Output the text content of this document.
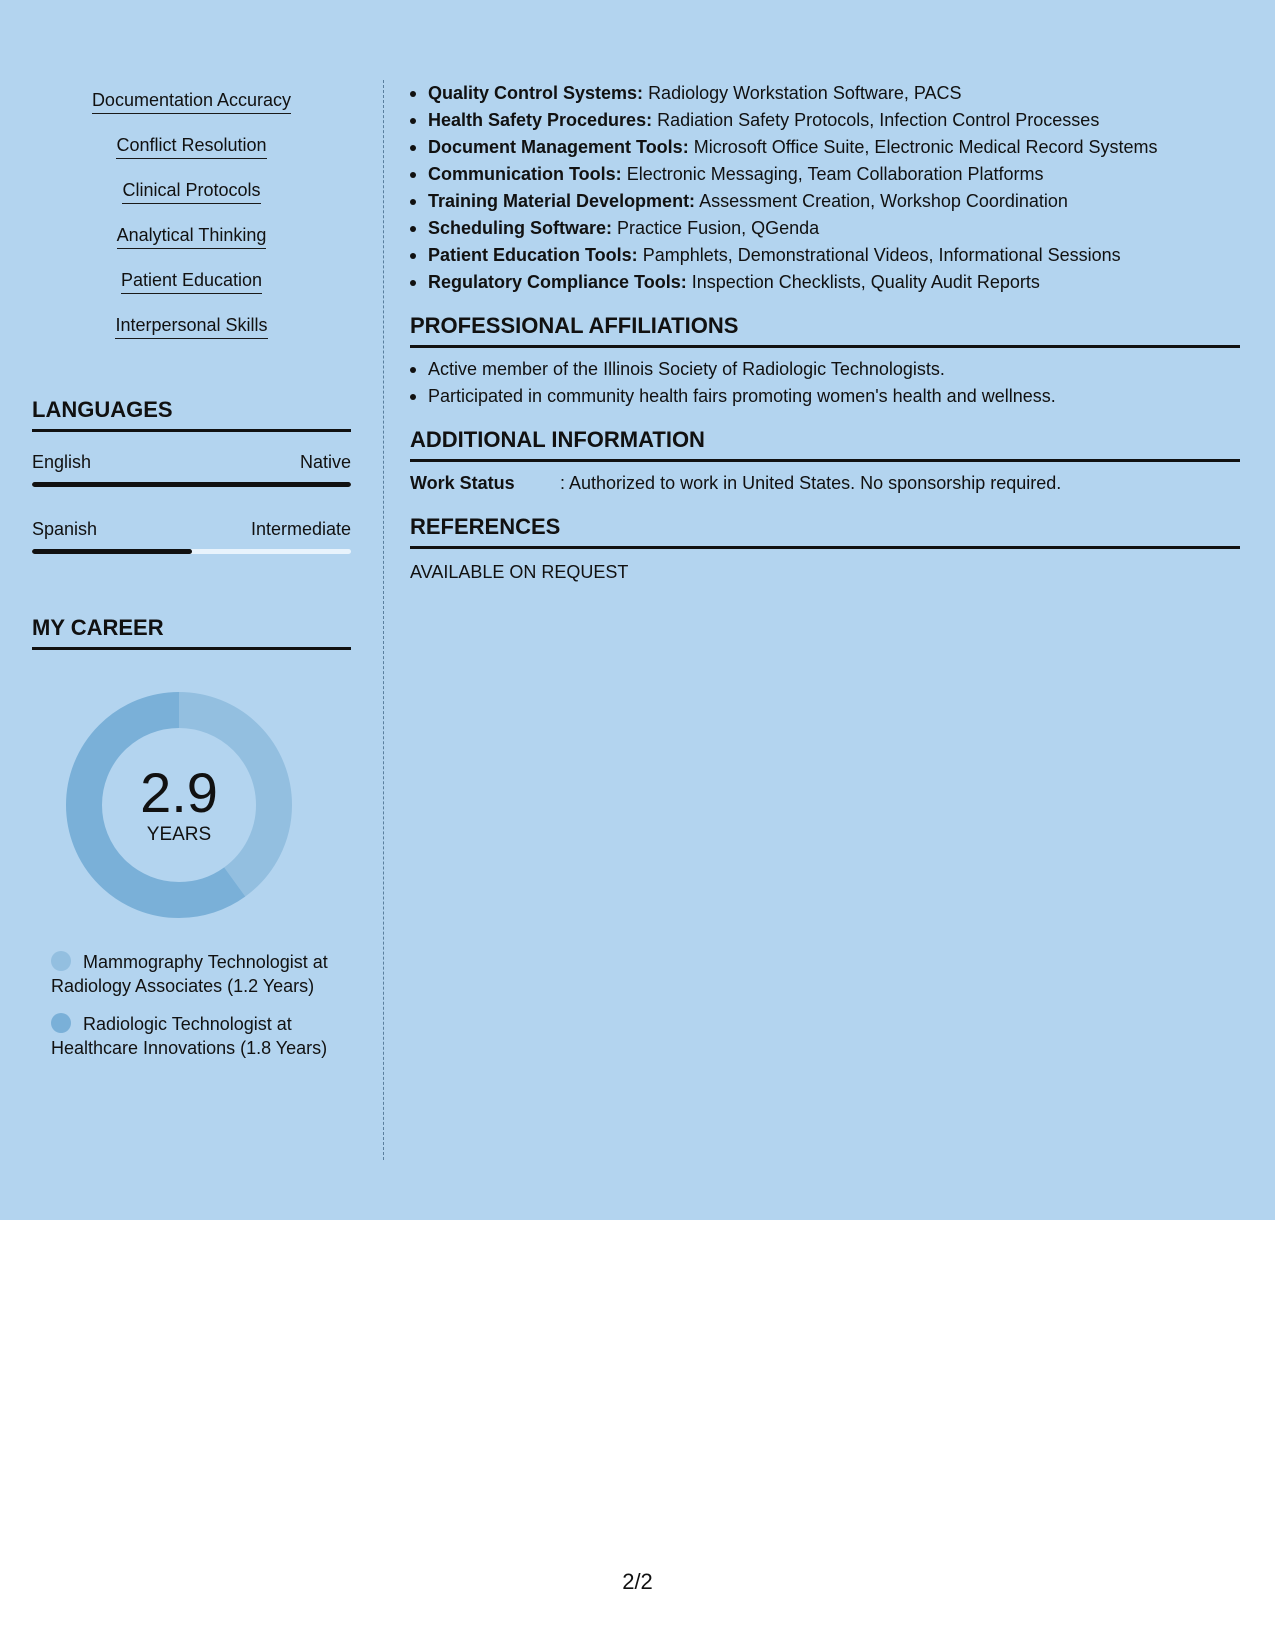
Documentation Accuracy
Conflict Resolution
Clinical Protocols
Analytical Thinking
Patient Education
Interpersonal Skills
LANGUAGES
English	Native
Spanish	Intermediate
MY CAREER
2.9
YEARS
Mammography Technologist at Radiology Associates (1.2 Years)
Radiologic Technologist at Healthcare Innovations (1.8 Years)
Quality Control Systems: Radiology Workstation Software, PACS
Health Safety Procedures: Radiation Safety Protocols, Infection Control Processes
Document Management Tools: Microsoft Office Suite, Electronic Medical Record Systems
Communication Tools: Electronic Messaging, Team Collaboration Platforms
Training Material Development: Assessment Creation, Workshop Coordination
Scheduling Software: Practice Fusion, QGenda
Patient Education Tools: Pamphlets, Demonstrational Videos, Informational Sessions
Regulatory Compliance Tools: Inspection Checklists, Quality Audit Reports
PROFESSIONAL AFFILIATIONS
Active member of the Illinois Society of Radiologic Technologists.
Participated in community health fairs promoting women's health and wellness.
ADDITIONAL INFORMATION
Work Status	: Authorized to work in United States. No sponsorship required.
REFERENCES
AVAILABLE ON REQUEST
2/2
